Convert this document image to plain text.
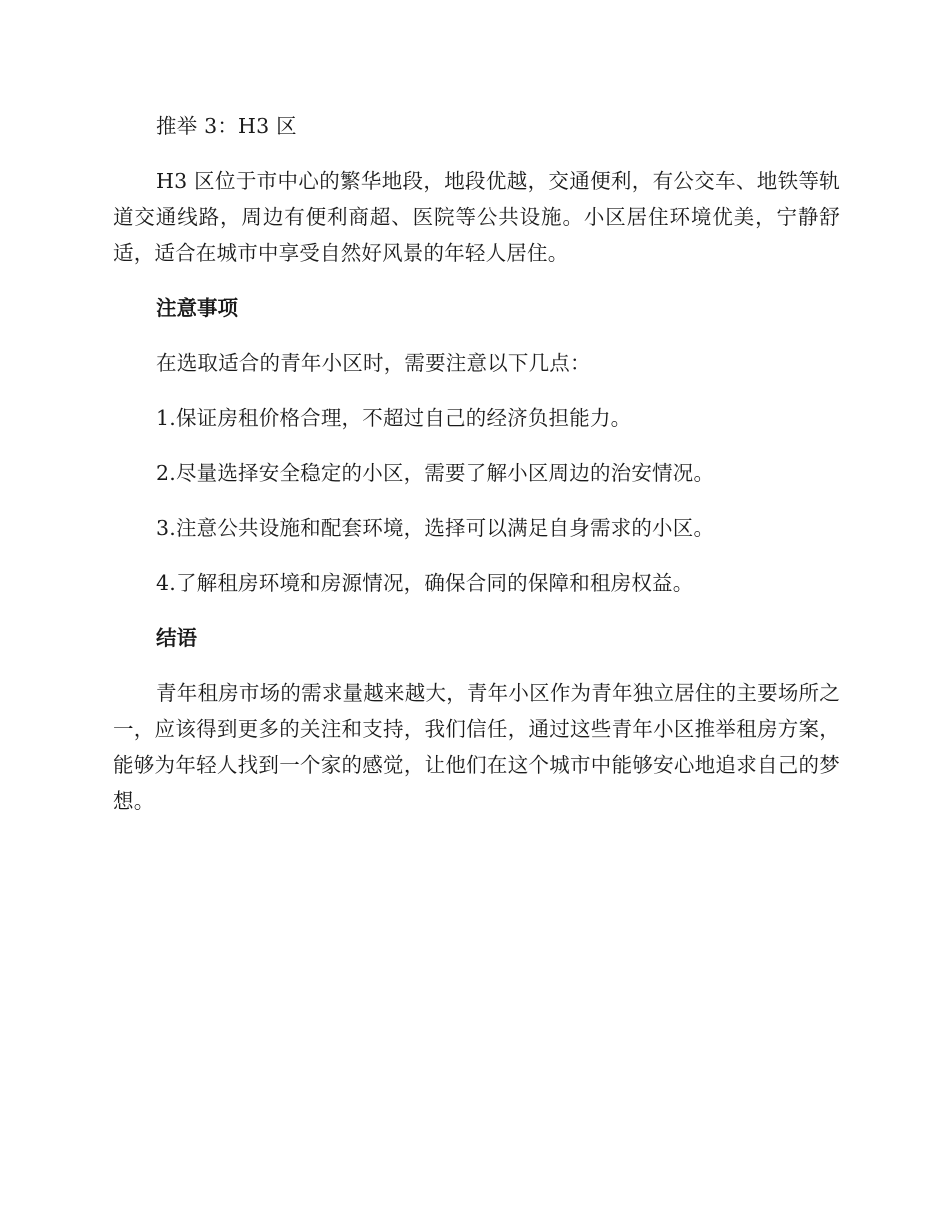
推举 3：H3 区

H3 区位于市中心的繁华地段，地段优越，交通便利，有公交车、地铁等轨道交通线路，周边有便利商超、医院等公共设施。小区居住环境优美，宁静舒适，适合在城市中享受自然好风景的年轻人居住。

注意事项

在选取适合的青年小区时，需要注意以下几点：

1.保证房租价格合理，不超过自己的经济负担能力。

2.尽量选择安全稳定的小区，需要了解小区周边的治安情况。

3.注意公共设施和配套环境，选择可以满足自身需求的小区。

4.了解租房环境和房源情况，确保合同的保障和租房权益。

结语

青年租房市场的需求量越来越大，青年小区作为青年独立居住的主要场所之一，应该得到更多的关注和支持，我们信任，通过这些青年小区推举租房方案，能够为年轻人找到一个家的感觉，让他们在这个城市中能够安心地追求自己的梦想。
